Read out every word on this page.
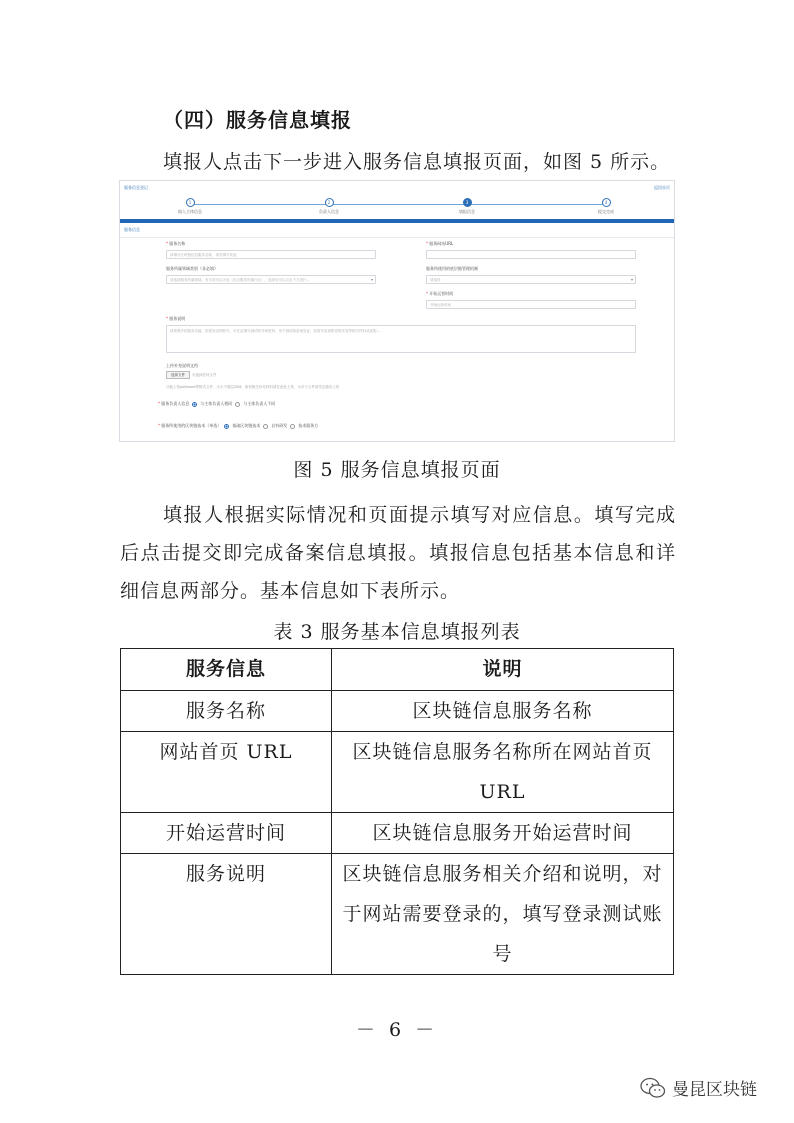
（四）服务信息填报
填报人点击下一步进入服务信息填报页面，如图 5 所示。
服务信息登记	返回首页
1
填入主体信息
2
负责人信息
3
填报信息
4
提交完成
服务信息
* 服务名称
请填写区块链信息服务名称，请勿填写其他
* 服务网站URL
服务所属领域类别（非必填）
请选择服务所属领域，有多项可以多选（包含服务所属行业），选择后可以点击下方进行...	▾
服务所使用的底层链管理机制
请选择	▾
* 开始运营时间
开始运营时间
* 服务说明
请简要介绍服务功能，如需登录的账号，可在此填写测试账号和密码，用于测试和备案验证，如需安装请附说明安装等相关材料或说明...
上传补充说明文档
选择文件	未选择任何文件
只能上传pdf/word等格式文件，大小不超过20M，如有相关补充材料请在此处上传，为多个文件请先压缩后上传
* 服务负责人信息	与主体负责人相同	与主体负责人不同
* 服务所使用的区块链技术（单选）	基础区块链技术	自有研发	技术服务方
图 5 服务信息填报页面
填报人根据实际情况和页面提示填写对应信息。填写完成后点击提交即完成备案信息填报。填报信息包括基本信息和详细信息两部分。基本信息如下表所示。
表 3 服务基本信息填报列表
服务信息	说明
服务名称	区块链信息服务名称
网站首页 URL	区块链信息服务名称所在网站首页 URL
开始运营时间	区块链信息服务开始运营时间
服务说明	区块链信息服务相关介绍和说明，对于网站需要登录的，填写登录测试账号
－ 6 －
曼昆区块链
